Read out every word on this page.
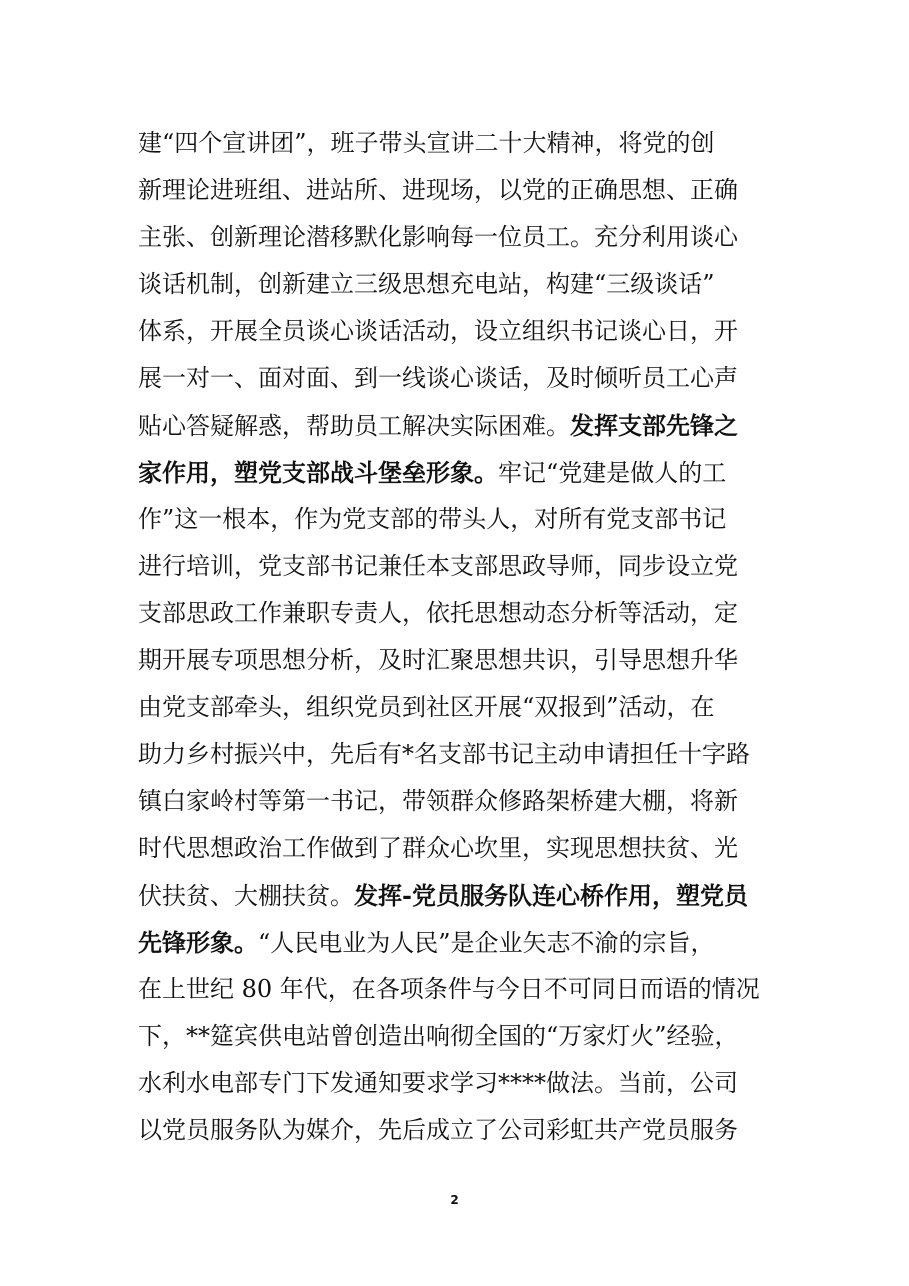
建“四个宣讲团”，班子带头宣讲二十大精神，将党的创
新理论进班组、进站所、进现场，以党的正确思想、正确
主张、创新理论潜移默化影响每一位员工。充分利用谈心
谈话机制，创新建立三级思想充电站，构建“三级谈话”
体系，开展全员谈心谈话活动，设立组织书记谈心日，开
展一对一、面对面、到一线谈心谈话，及时倾听员工心声
贴心答疑解惑，帮助员工解决实际困难。发挥支部先锋之
家作用，塑党支部战斗堡垒形象。牢记“党建是做人的工
作”这一根本，作为党支部的带头人，对所有党支部书记
进行培训，党支部书记兼任本支部思政导师，同步设立党
支部思政工作兼职专责人，依托思想动态分析等活动，定
期开展专项思想分析，及时汇聚思想共识，引导思想升华
由党支部牵头，组织党员到社区开展“双报到”活动，在
助力乡村振兴中，先后有*名支部书记主动申请担任十字路
镇白家岭村等第一书记，带领群众修路架桥建大棚，将新
时代思想政治工作做到了群众心坎里，实现思想扶贫、光
伏扶贫、大棚扶贫。发挥-党员服务队连心桥作用，塑党员
先锋形象。“人民电业为人民”是企业矢志不渝的宗旨，
在上世纪 80 年代，在各项条件与今日不可同日而语的情况
下，**筵宾供电站曾创造出响彻全国的“万家灯火”经验，
水利水电部专门下发通知要求学习****做法。当前，公司
以党员服务队为媒介，先后成立了公司彩虹共产党员服务
2
